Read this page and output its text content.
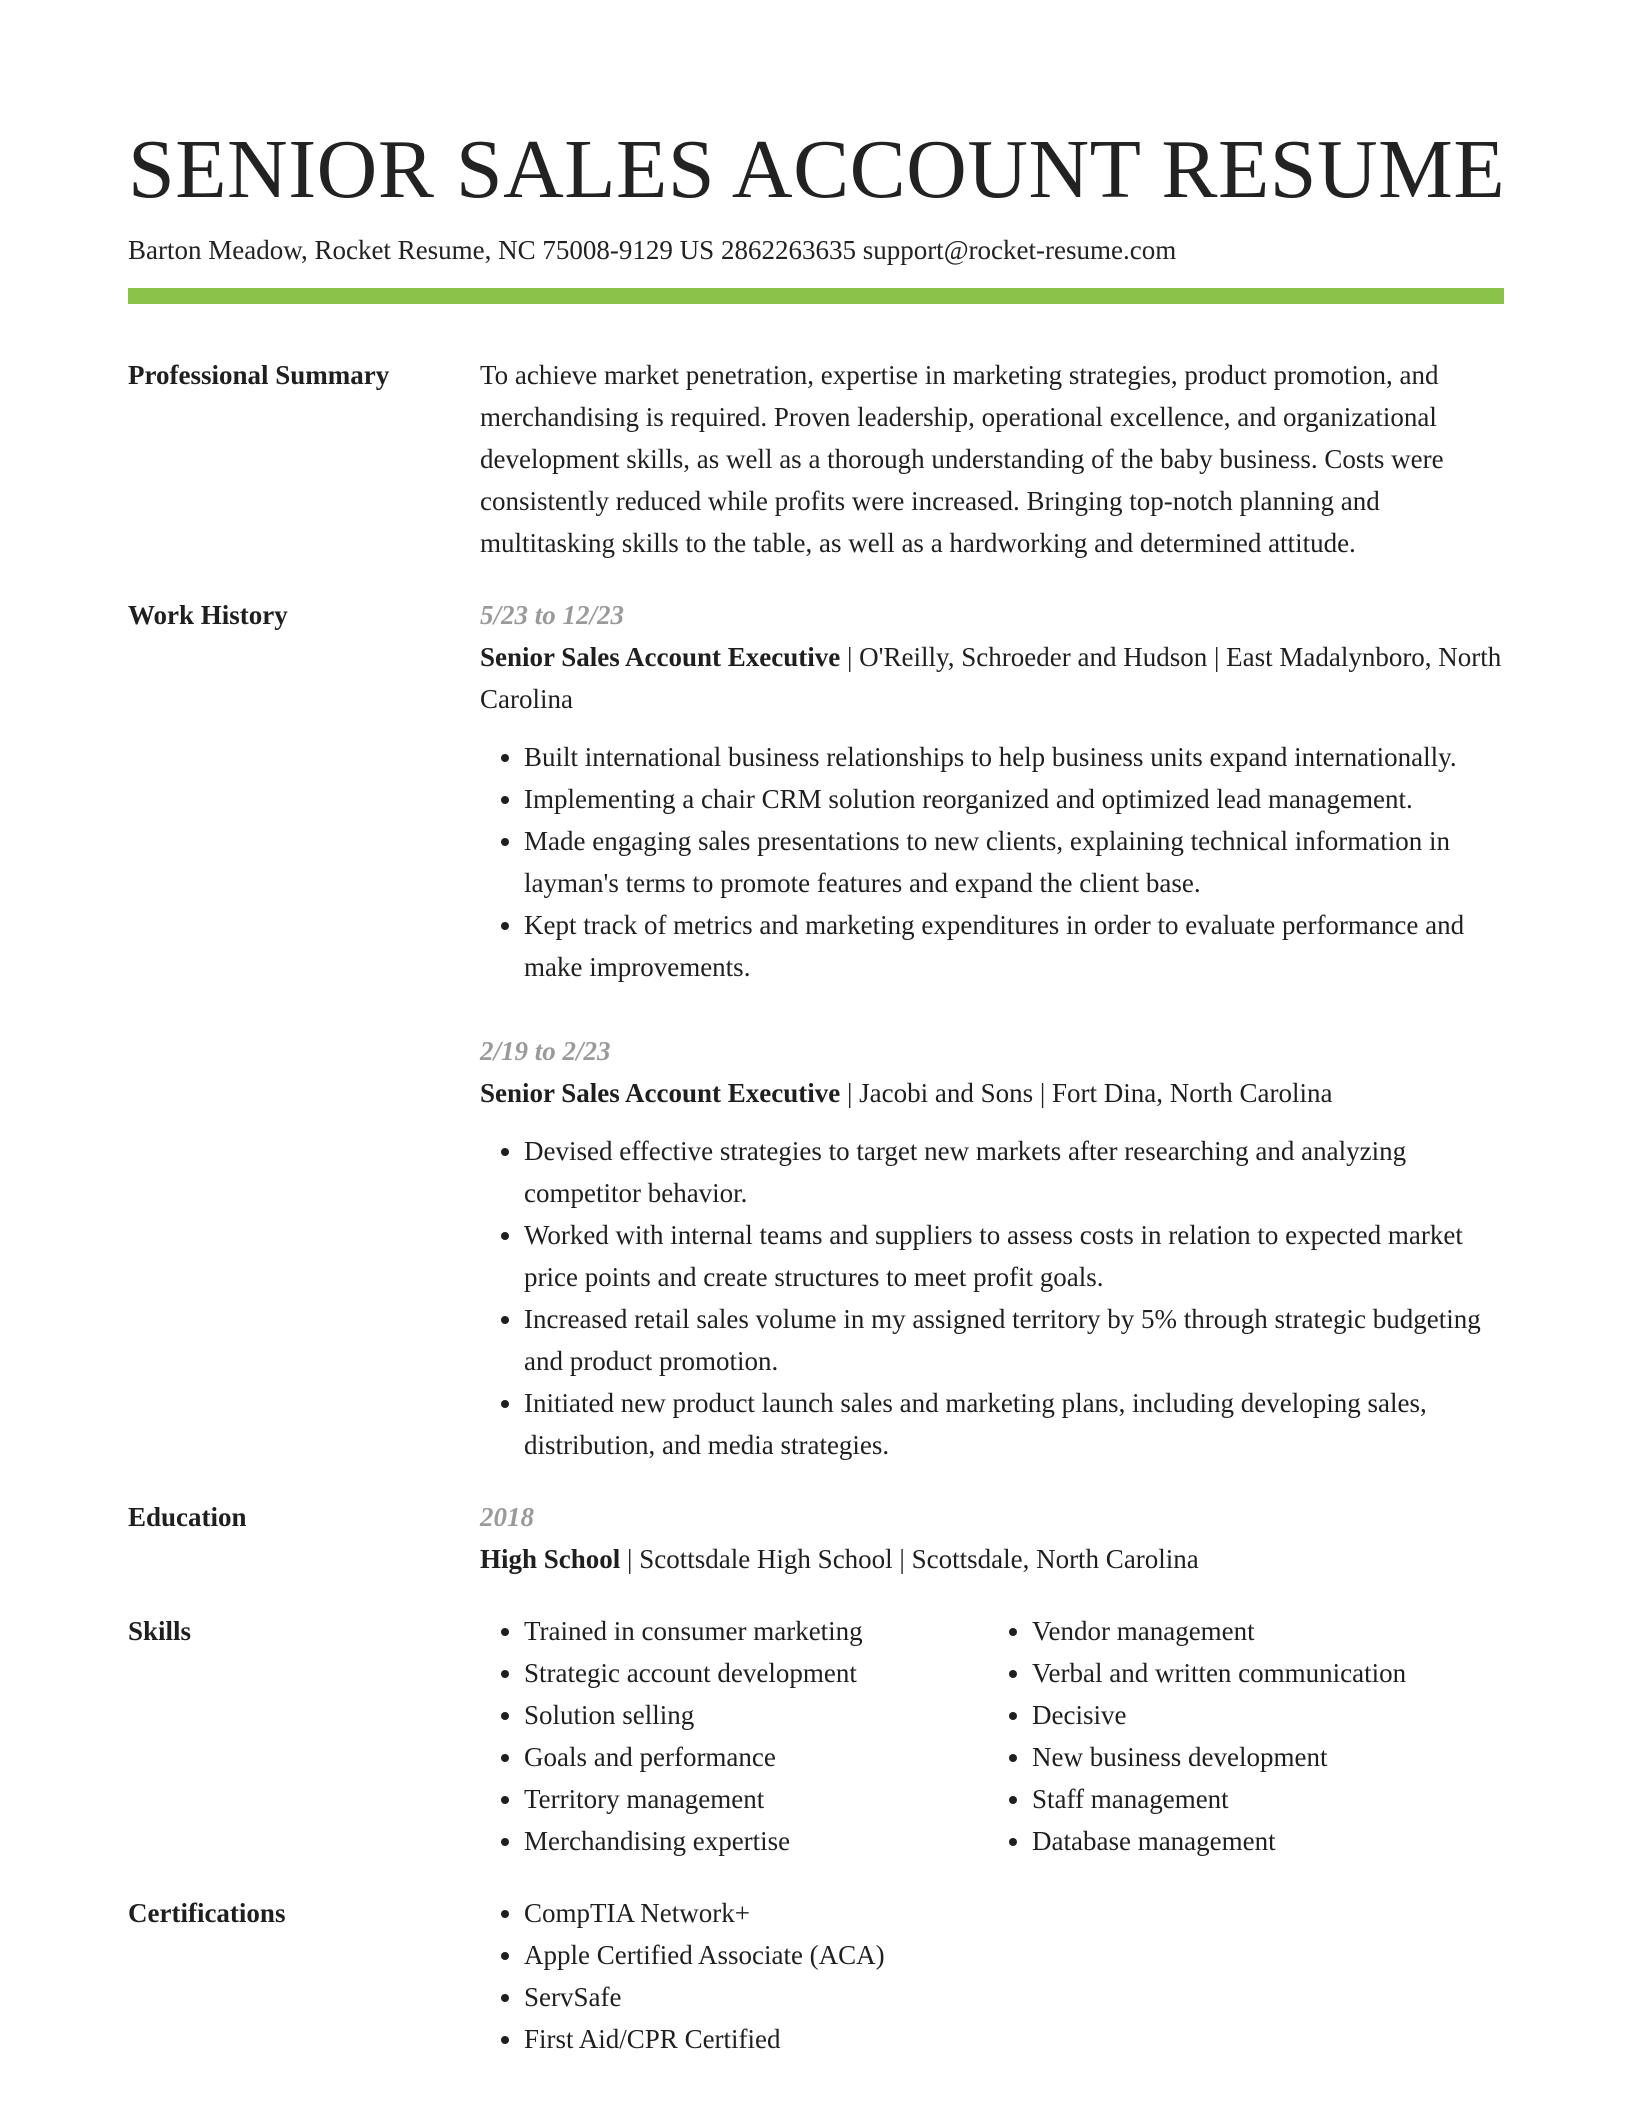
SENIOR SALES ACCOUNT RESUME
Barton Meadow, Rocket Resume, NC 75008-9129 US 2862263635 support@rocket-resume.com
Professional Summary	To achieve market penetration, expertise in marketing strategies, product promotion, and merchandising is required. Proven leadership, operational excellence, and organizational development skills, as well as a thorough understanding of the baby business. Costs were consistently reduced while profits were increased. Bringing top-notch planning and multitasking skills to the table, as well as a hardworking and determined attitude.
Work History	5/23 to 12/23
Senior Sales Account Executive | O'Reilly, Schroeder and Hudson | East Madalynboro, North Carolina
• Built international business relationships to help business units expand internationally.
• Implementing a chair CRM solution reorganized and optimized lead management.
• Made engaging sales presentations to new clients, explaining technical information in layman's terms to promote features and expand the client base.
• Kept track of metrics and marketing expenditures in order to evaluate performance and make improvements.
2/19 to 2/23
Senior Sales Account Executive | Jacobi and Sons | Fort Dina, North Carolina
• Devised effective strategies to target new markets after researching and analyzing competitor behavior.
• Worked with internal teams and suppliers to assess costs in relation to expected market price points and create structures to meet profit goals.
• Increased retail sales volume in my assigned territory by 5% through strategic budgeting and product promotion.
• Initiated new product launch sales and marketing plans, including developing sales, distribution, and media strategies.
Education	2018
High School | Scottsdale High School | Scottsdale, North Carolina
Skills	• Trained in consumer marketing
• Strategic account development
• Solution selling
• Goals and performance
• Territory management
• Merchandising expertise
• Vendor management
• Verbal and written communication
• Decisive
• New business development
• Staff management
• Database management
Certifications	• CompTIA Network+
• Apple Certified Associate (ACA)
• ServSafe
• First Aid/CPR Certified
